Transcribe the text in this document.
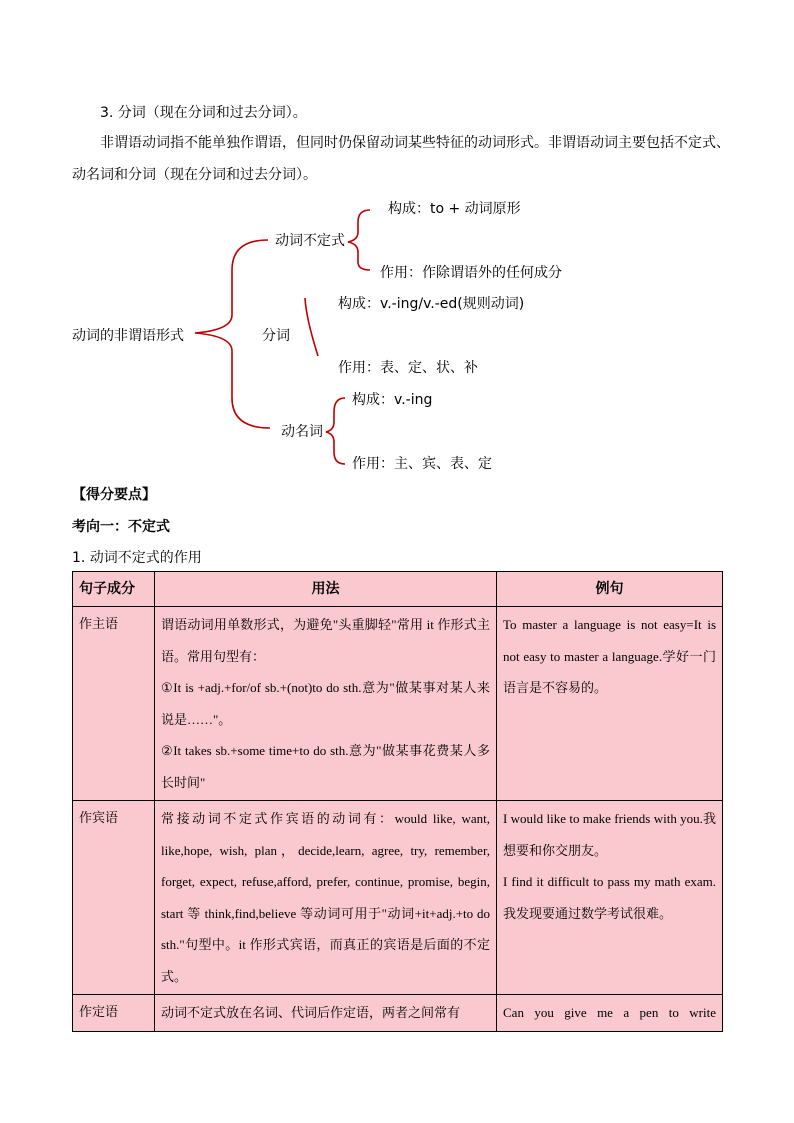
3. 分词（现在分词和过去分词）。
非谓语动词指不能单独作谓语，但同时仍保留动词某些特征的动词形式。非谓语动词主要包括不定式、动名词和分词（现在分词和过去分词）。
动词的非谓语形式
动词不定式
构成：to + 动词原形
作用：作除谓语外的任何成分
分词
构成：v.-ing/v.-ed(规则动词)
作用：表、定、状、补
动名词
构成：v.-ing
作用：主、宾、表、定
【得分要点】
考向一：不定式
1. 动词不定式的作用
句子成分	用法	例句
作主语	谓语动词用单数形式，为避免"头重脚轻"常用 it 作形式主语。常用句型有：
①It is +adj.+for/of sb.+(not)to do sth.意为"做某事对某人来说是……"。
②It takes sb.+some time+to do sth.意为"做某事花费某人多长时间"	To master a language is not easy=It is not easy to master a language.学好一门语言是不容易的。

作宾语	常接动词不定式作宾语的动词有：would like, want, like,hope, wish, plan，decide,learn, agree, try, remember, forget, expect, refuse,afford, prefer, continue, promise, begin, start 等 think,find,believe 等动词可用于"动词+it+adj.+to do sth."句型中。it 作形式宾语，而真正的宾语是后面的不定式。	I would like to make friends with you.我想要和你交朋友。
I find it difficult to pass my math exam.我发现要通过数学考试很难。

作定语	动词不定式放在名词、代词后作定语，两者之间常有	Can you give me a pen to write
